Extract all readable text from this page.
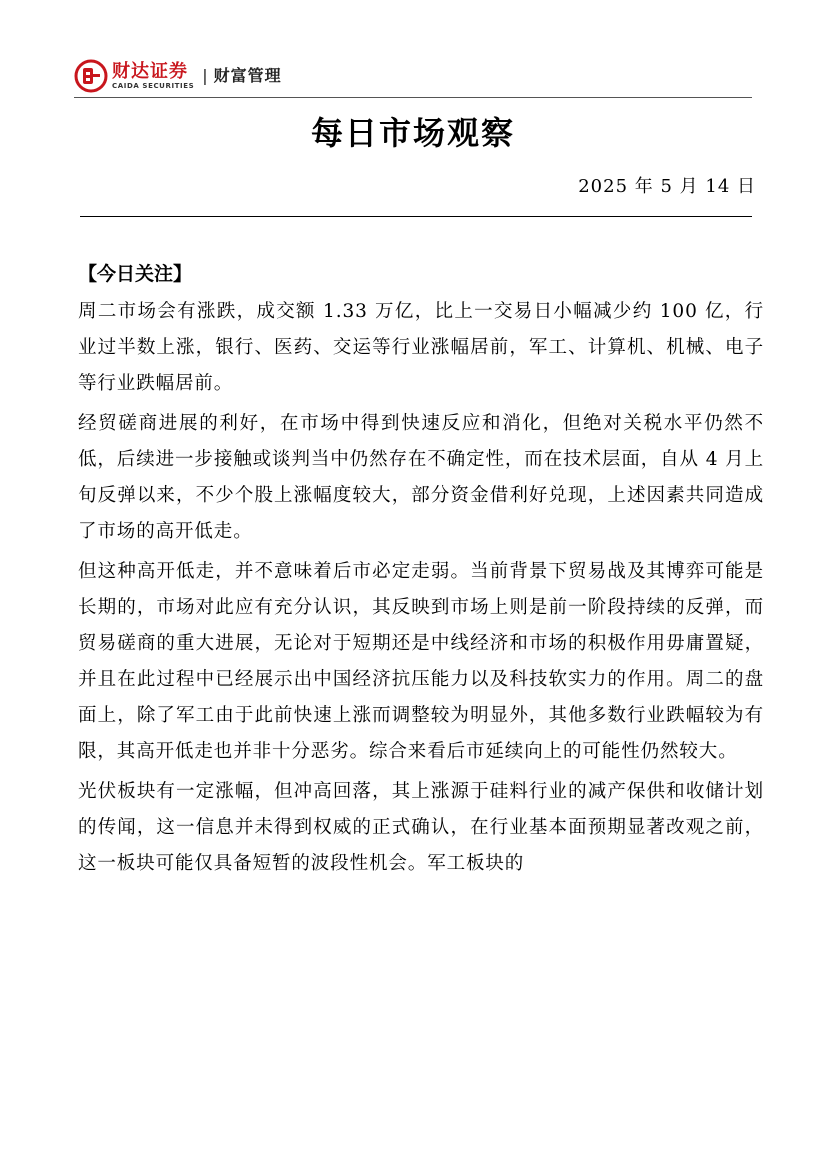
财达证券
CAIDA SECURITIES
| 财富管理
每日市场观察
2025 年 5 月 14 日

【今日关注】

周二市场会有涨跌，成交额 1.33 万亿，比上一交易日小幅减少约 100 亿，行业过半数上涨，银行、医药、交运等行业涨幅居前，军工、计算机、机械、电子等行业跌幅居前。

经贸磋商进展的利好，在市场中得到快速反应和消化，但绝对关税水平仍然不低，后续进一步接触或谈判当中仍然存在不确定性，而在技术层面，自从 4 月上旬反弹以来，不少个股上涨幅度较大，部分资金借利好兑现，上述因素共同造成了市场的高开低走。

但这种高开低走，并不意味着后市必定走弱。当前背景下贸易战及其博弈可能是长期的，市场对此应有充分认识，其反映到市场上则是前一阶段持续的反弹，而贸易磋商的重大进展，无论对于短期还是中线经济和市场的积极作用毋庸置疑，并且在此过程中已经展示出中国经济抗压能力以及科技软实力的作用。周二的盘面上，除了军工由于此前快速上涨而调整较为明显外，其他多数行业跌幅较为有限，其高开低走也并非十分恶劣。综合来看后市延续向上的可能性仍然较大。

光伏板块有一定涨幅，但冲高回落，其上涨源于硅料行业的减产保供和收储计划的传闻，这一信息并未得到权威的正式确认，在行业基本面预期显著改观之前，这一板块可能仅具备短暂的波段性机会。军工板块的
